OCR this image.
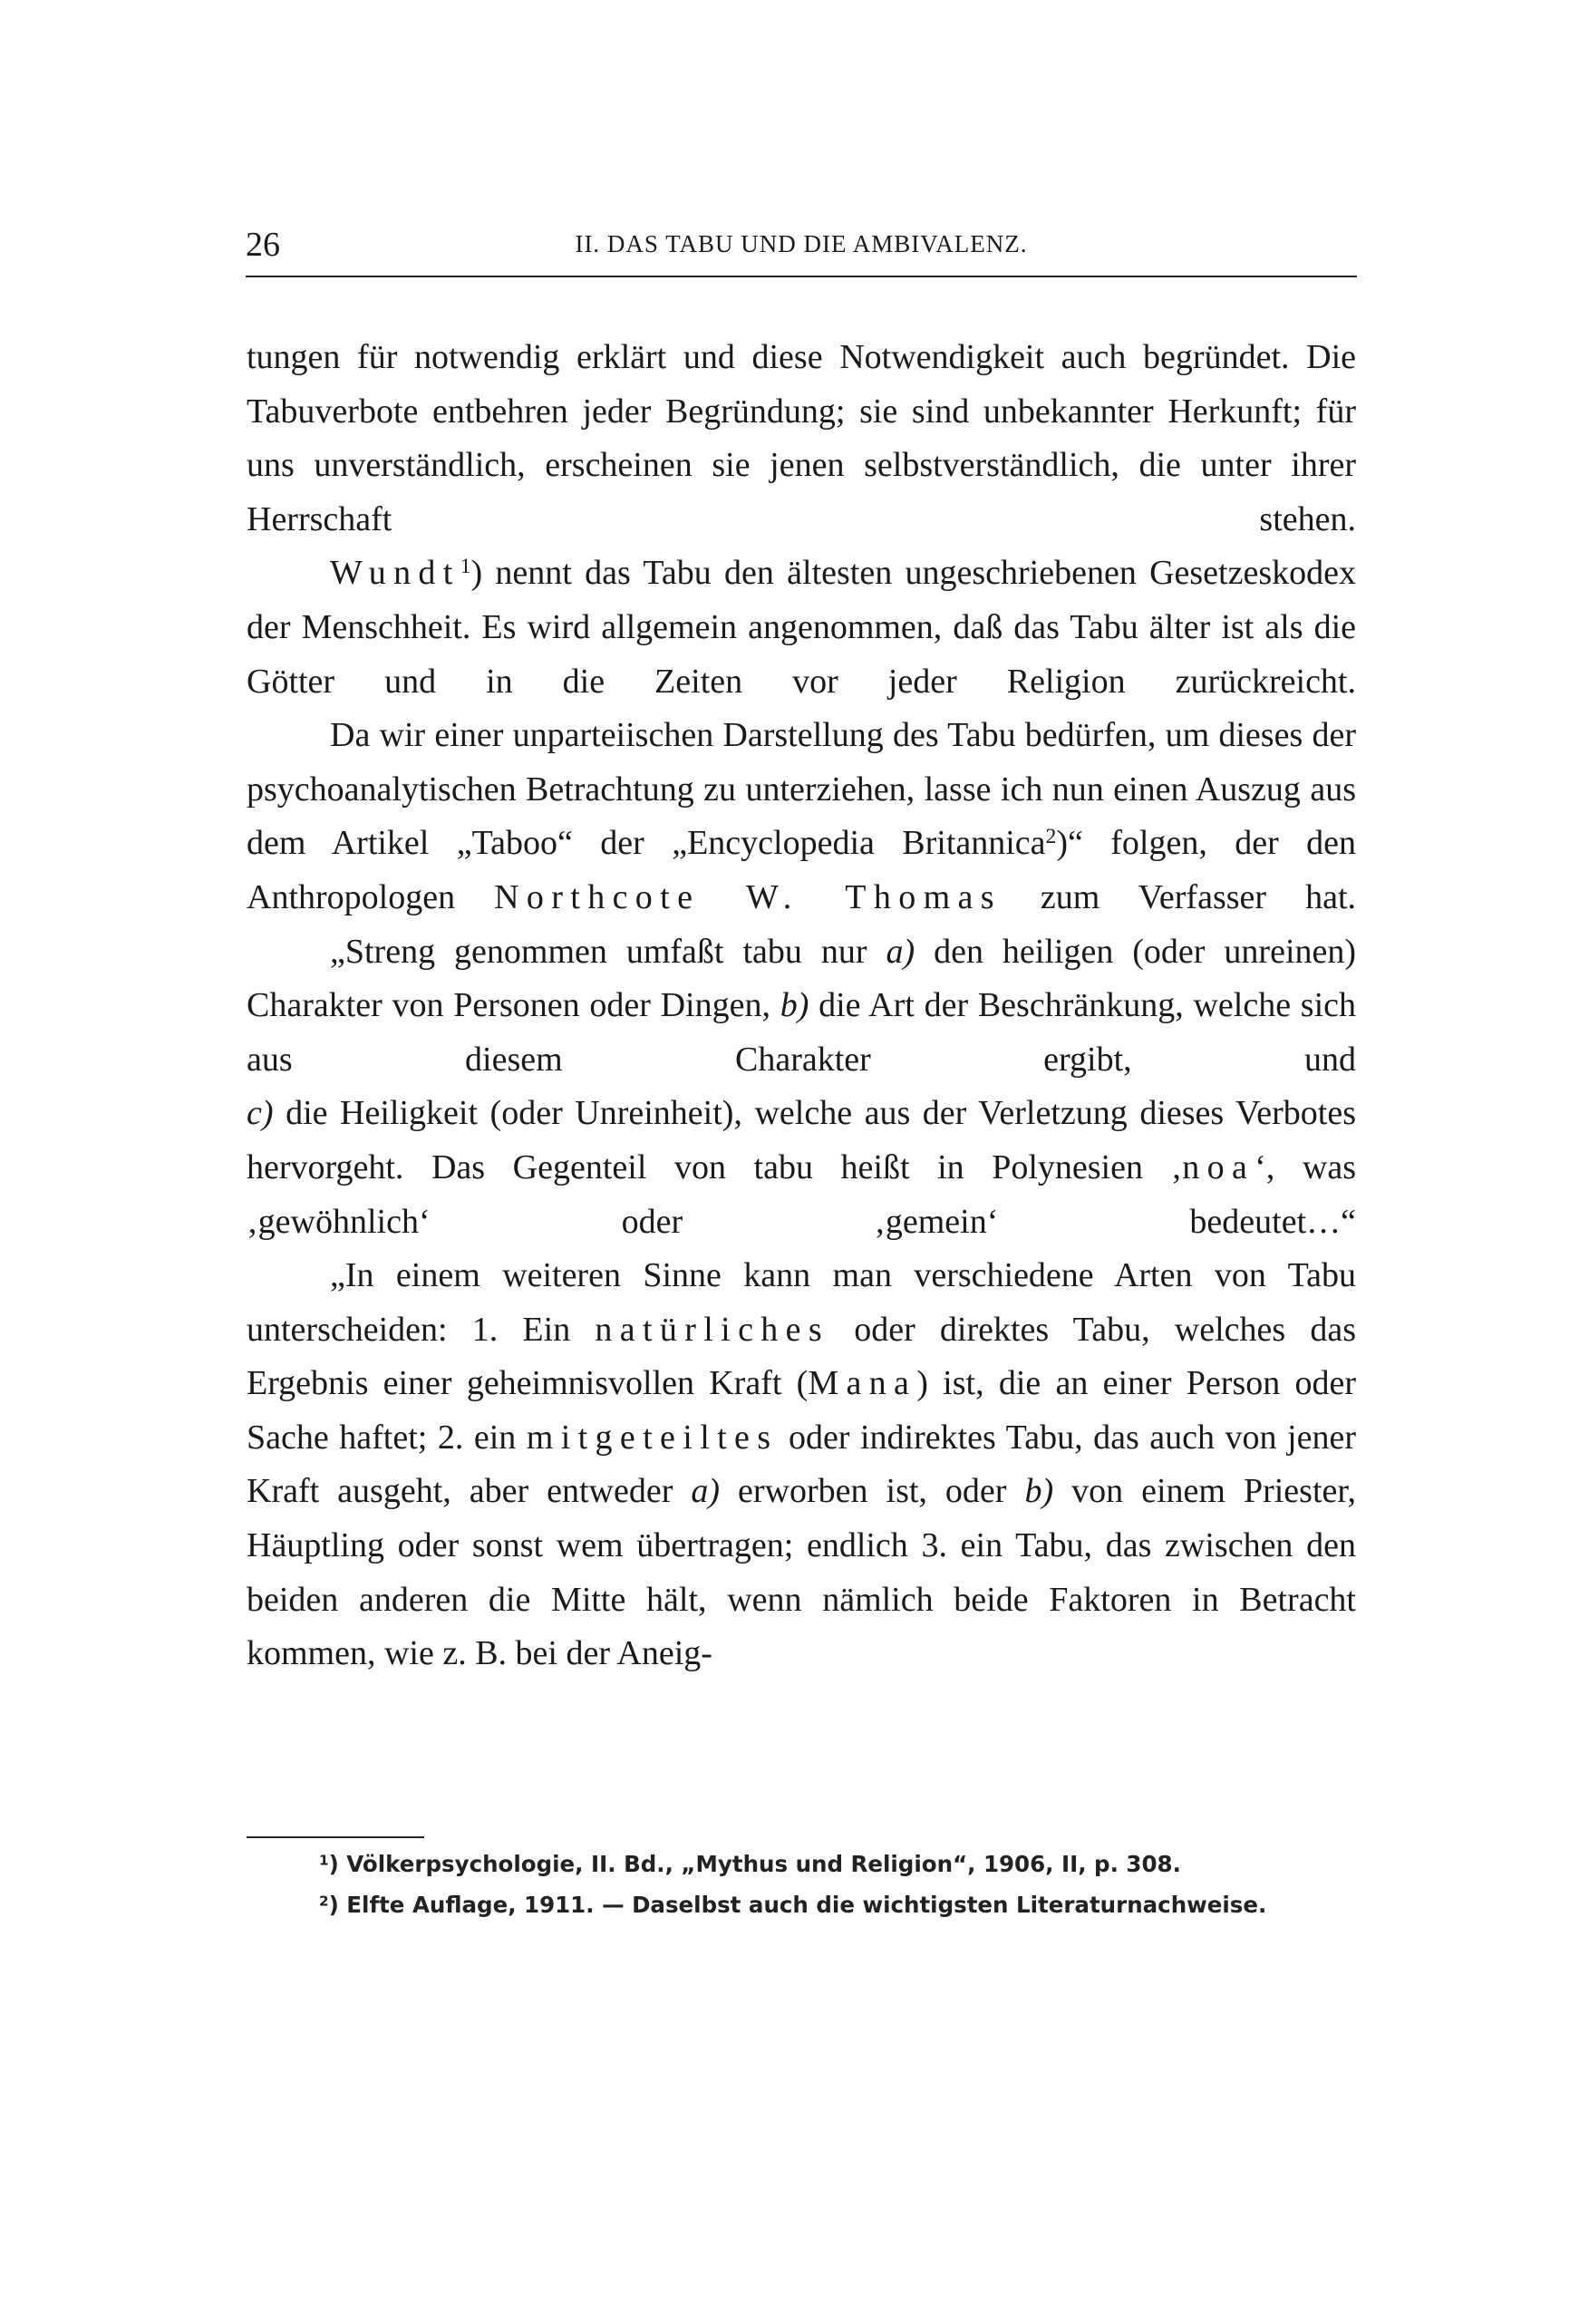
26	II. DAS TABU UND DIE AMBIVALENZ.

tungen für notwendig erklärt und diese Notwendigkeit auch begründet. Die Tabuverbote entbehren jeder Begründung; sie sind unbekannter Herkunft; für uns unverständlich, erscheinen sie jenen selbstverständlich, die unter ihrer Herrschaft stehen.

Wundt$^1$) nennt das Tabu den ältesten ungeschriebenen Gesetzeskodex der Menschheit. Es wird allgemein angenommen, daß das Tabu älter ist als die Götter und in die Zeiten vor jeder Religion zurückreicht.

Da wir einer unparteiischen Darstellung des Tabu bedürfen, um dieses der psychoanalytischen Betrachtung zu unterziehen, lasse ich nun einen Auszug aus dem Artikel „Taboo“ der „Encyclopedia Britannica$^2$)“ folgen, der den Anthropologen Northcote W. Thomas zum Verfasser hat.

„Streng genommen umfaßt tabu nur a) den heiligen (oder unreinen) Charakter von Personen oder Dingen, b) die Art der Beschränkung, welche sich aus diesem Charakter ergibt, und
c) die Heiligkeit (oder Unreinheit), welche aus der Verletzung dieses Verbotes hervorgeht. Das Gegenteil von tabu heißt in Polynesien ‚noa‘, was ‚gewöhnlich‘ oder ‚gemein‘ bedeutet…“

„In einem weiteren Sinne kann man verschiedene Arten von Tabu unterscheiden: 1. Ein natürliches oder direktes Tabu, welches das Ergebnis einer geheimnisvollen Kraft (Mana) ist, die an einer Person oder Sache haftet; 2. ein mitgeteiltes oder indirektes Tabu, das auch von jener Kraft ausgeht, aber entweder a) erworben ist, oder b) von einem Priester, Häuptling oder sonst wem übertragen; endlich 3. ein Tabu, das zwischen den beiden anderen die Mitte hält, wenn nämlich beide Faktoren in Betracht kommen, wie z. B. bei der Aneig-

$^1$) Völkerpsychologie, II. Bd., „Mythus und Religion“, 1906, II, p. 308.

$^2$) Elfte Auflage, 1911. — Daselbst auch die wichtigsten Literaturnachweise.
